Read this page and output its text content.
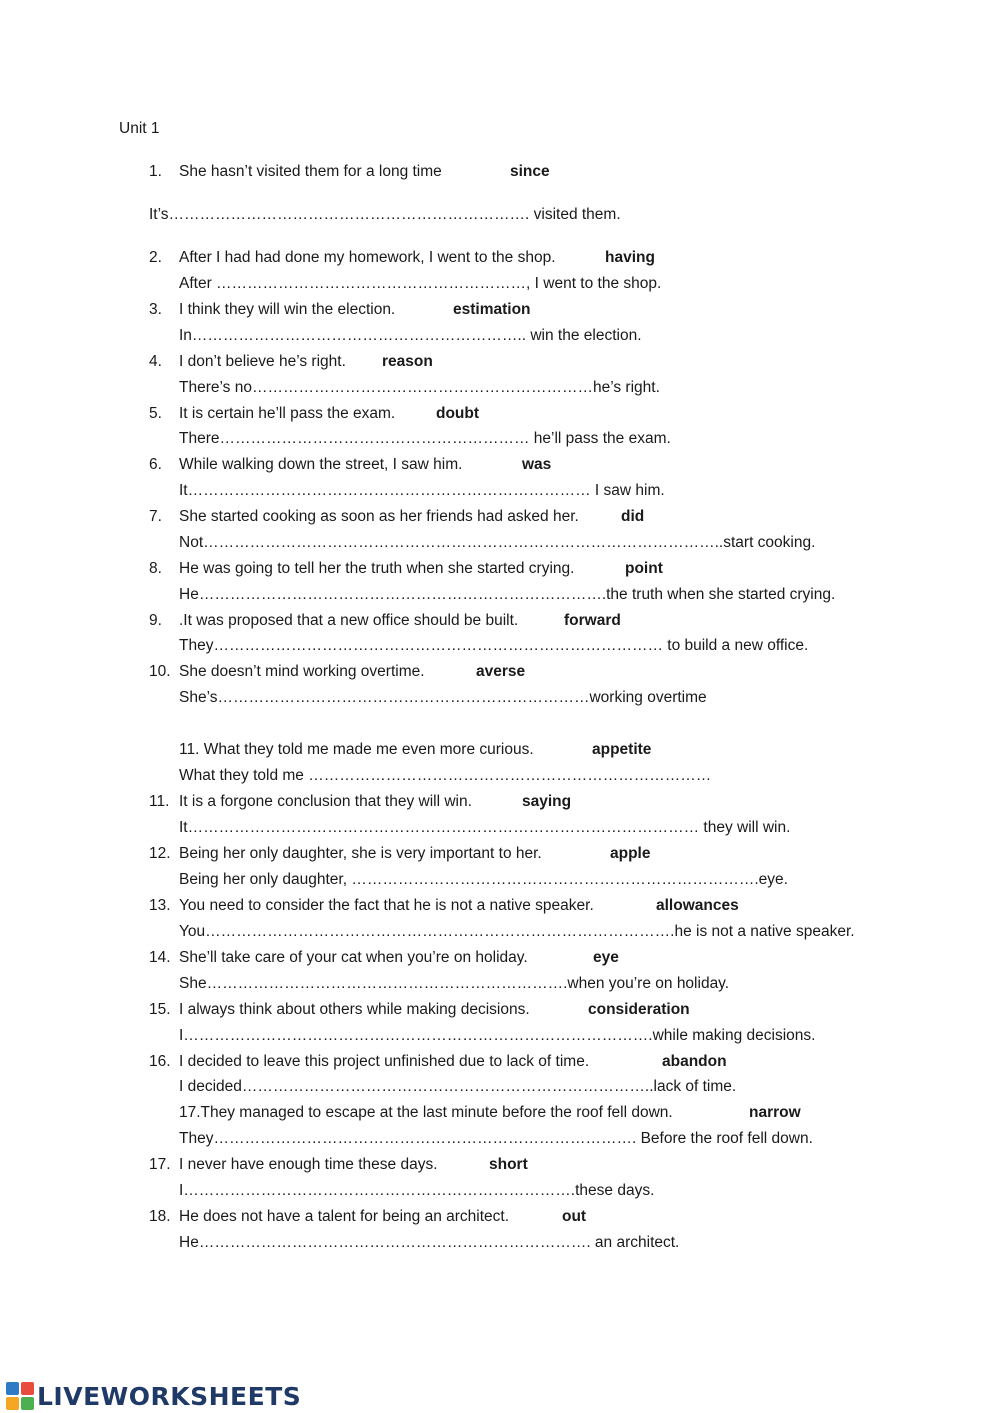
Unit 1
1. She hasn’t visited them for a long time	since
It’s……………………………………………………………. visited them.
2. After I had had done my homework, I went to the shop.	having
After ……………………………………………………, I went to the shop.
3. I think they will win the election.	estimation
In……………………………………………………….. win the election.
4. I don’t believe he’s right. reason
There’s no…………………………………………………………he’s right.
5. It is certain he’ll pass the exam.	doubt
There…………………………………………………… he’ll pass the exam.
6. While walking down the street, I saw him.	was
It…………………………………………………………………… I saw him.
7. She started cooking as soon as her friends had asked her.	did
Not………………………………………………………………………………………..start cooking.
8. He was going to tell her the truth when she started crying.	point
He…………………………………………………………………….the truth when she started crying.
9. .It was proposed that a new office should be built.	forward
They…………………………………………………………………………… to build a new office.
10. She doesn’t mind working overtime.	averse
She’s………………………………………………………………working overtime
11. What they told me made me even more curious.	appetite
What they told me ……………………………………………………………………
11. It is a forgone conclusion that they will win.	saying
It……………………………………………………………………………………… they will win.
12. Being her only daughter, she is very important to her.	apple
Being her only daughter, …………………………………………………………………….eye.
13. You need to consider the fact that he is not a native speaker.	allowances
You……………………………………………………………………………….he is not a native speaker.
14. She’ll take care of your cat when you’re on holiday.	eye
She…………………………………………………………….when you’re on holiday.
15. I always think about others while making decisions.	consideration
I……………………………………………………………………………….while making decisions.
16. I decided to leave this project unfinished due to lack of time.	abandon
I decided……………………………………………………………………..lack of time.
17.They managed to escape at the last minute before the roof fell down.	narrow
They………………………………………………………………………. Before the roof fell down.
17. I never have enough time these days.	short
I………………………………………………………………….these days.
18. He does not have a talent for being an architect.	out
He…………………………………………………………………. an architect.
LIVEWORKSHEETS
